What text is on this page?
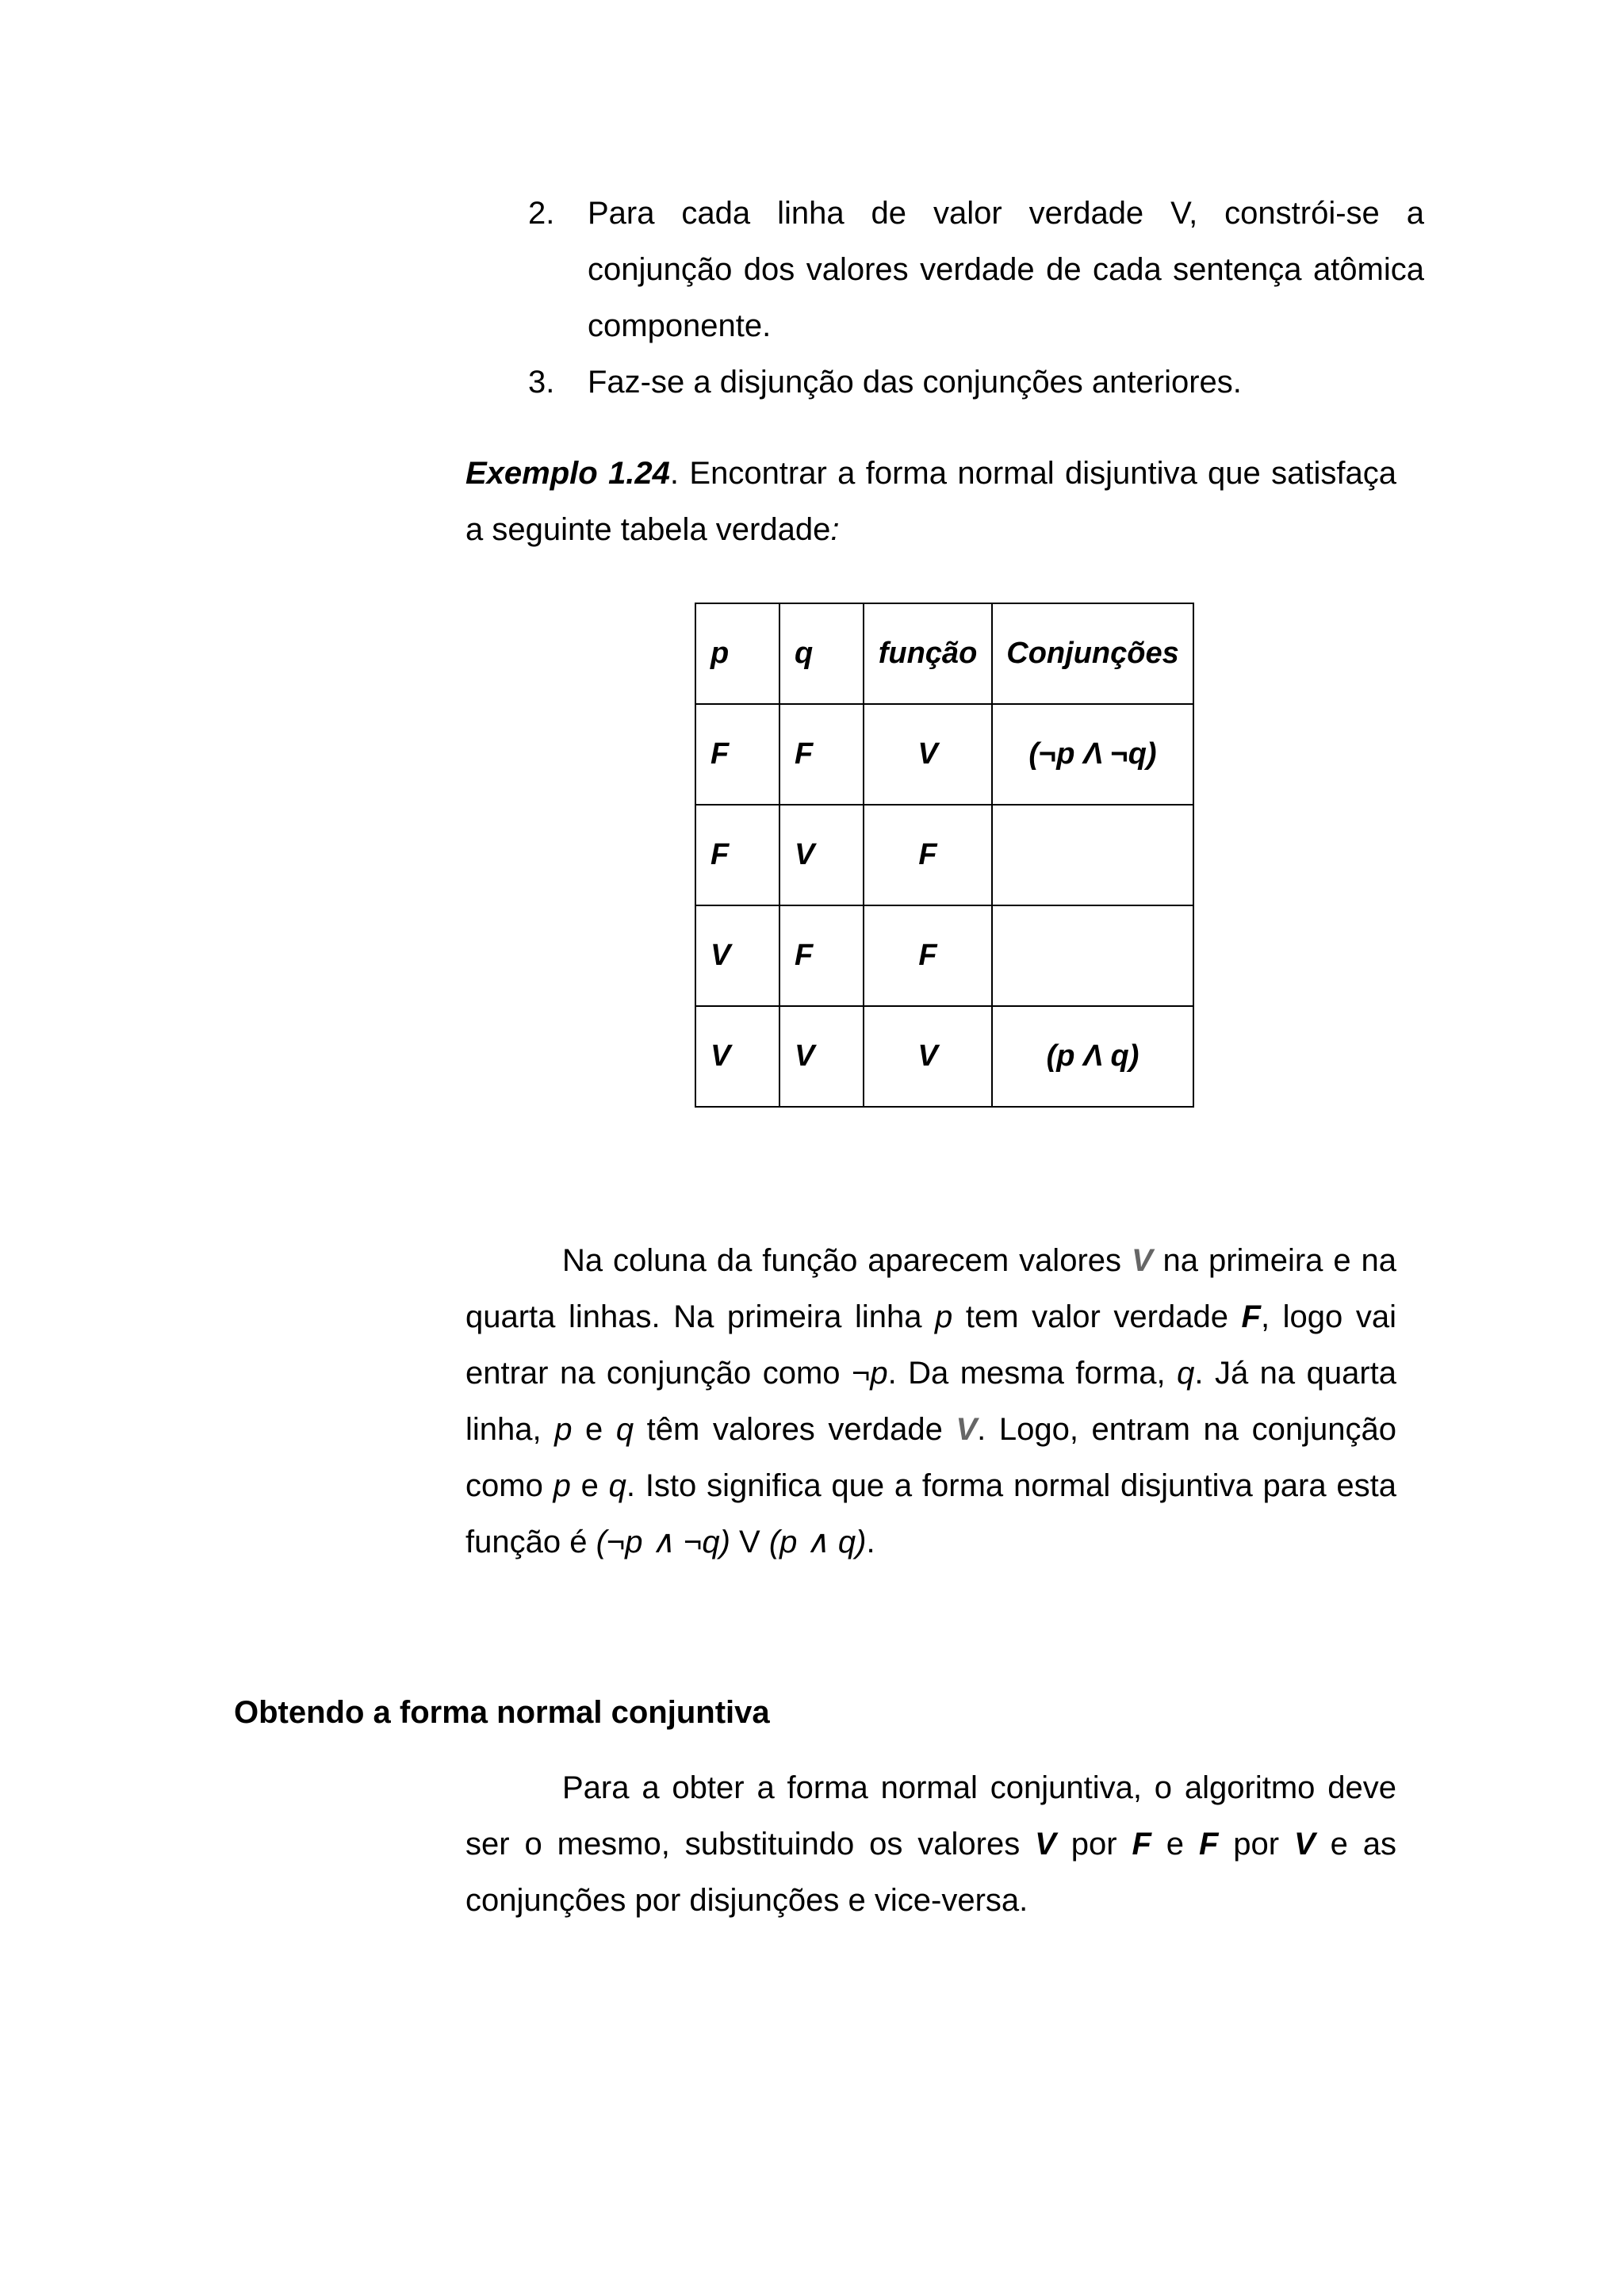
2.	Para cada linha de valor verdade V, constrói-se a conjunção dos valores verdade de cada sentença atômica componente.
3.	Faz-se a disjunção das conjunções anteriores.
Exemplo 1.24. Encontrar a forma normal disjuntiva que satisfaça a seguinte tabela verdade:
p	q	função	Conjunções
F	F	V	(¬p Λ ¬q)
F	V	F	
V	F	F	
V	V	V	(p Λ q)
Na coluna da função aparecem valores V na primeira e na quarta linhas. Na primeira linha p tem valor verdade F, logo vai entrar na conjunção como ¬p. Da mesma forma, q. Já na quarta linha, p e q têm valores verdade V. Logo, entram na conjunção como p e q. Isto significa que a forma normal disjuntiva para esta função é (¬p ∧ ¬q) V (p ∧ q).
Obtendo a forma normal conjuntiva
Para a obter a forma normal conjuntiva, o algoritmo deve ser o mesmo, substituindo os valores V por F e F por V e as conjunções por disjunções e vice-versa.
